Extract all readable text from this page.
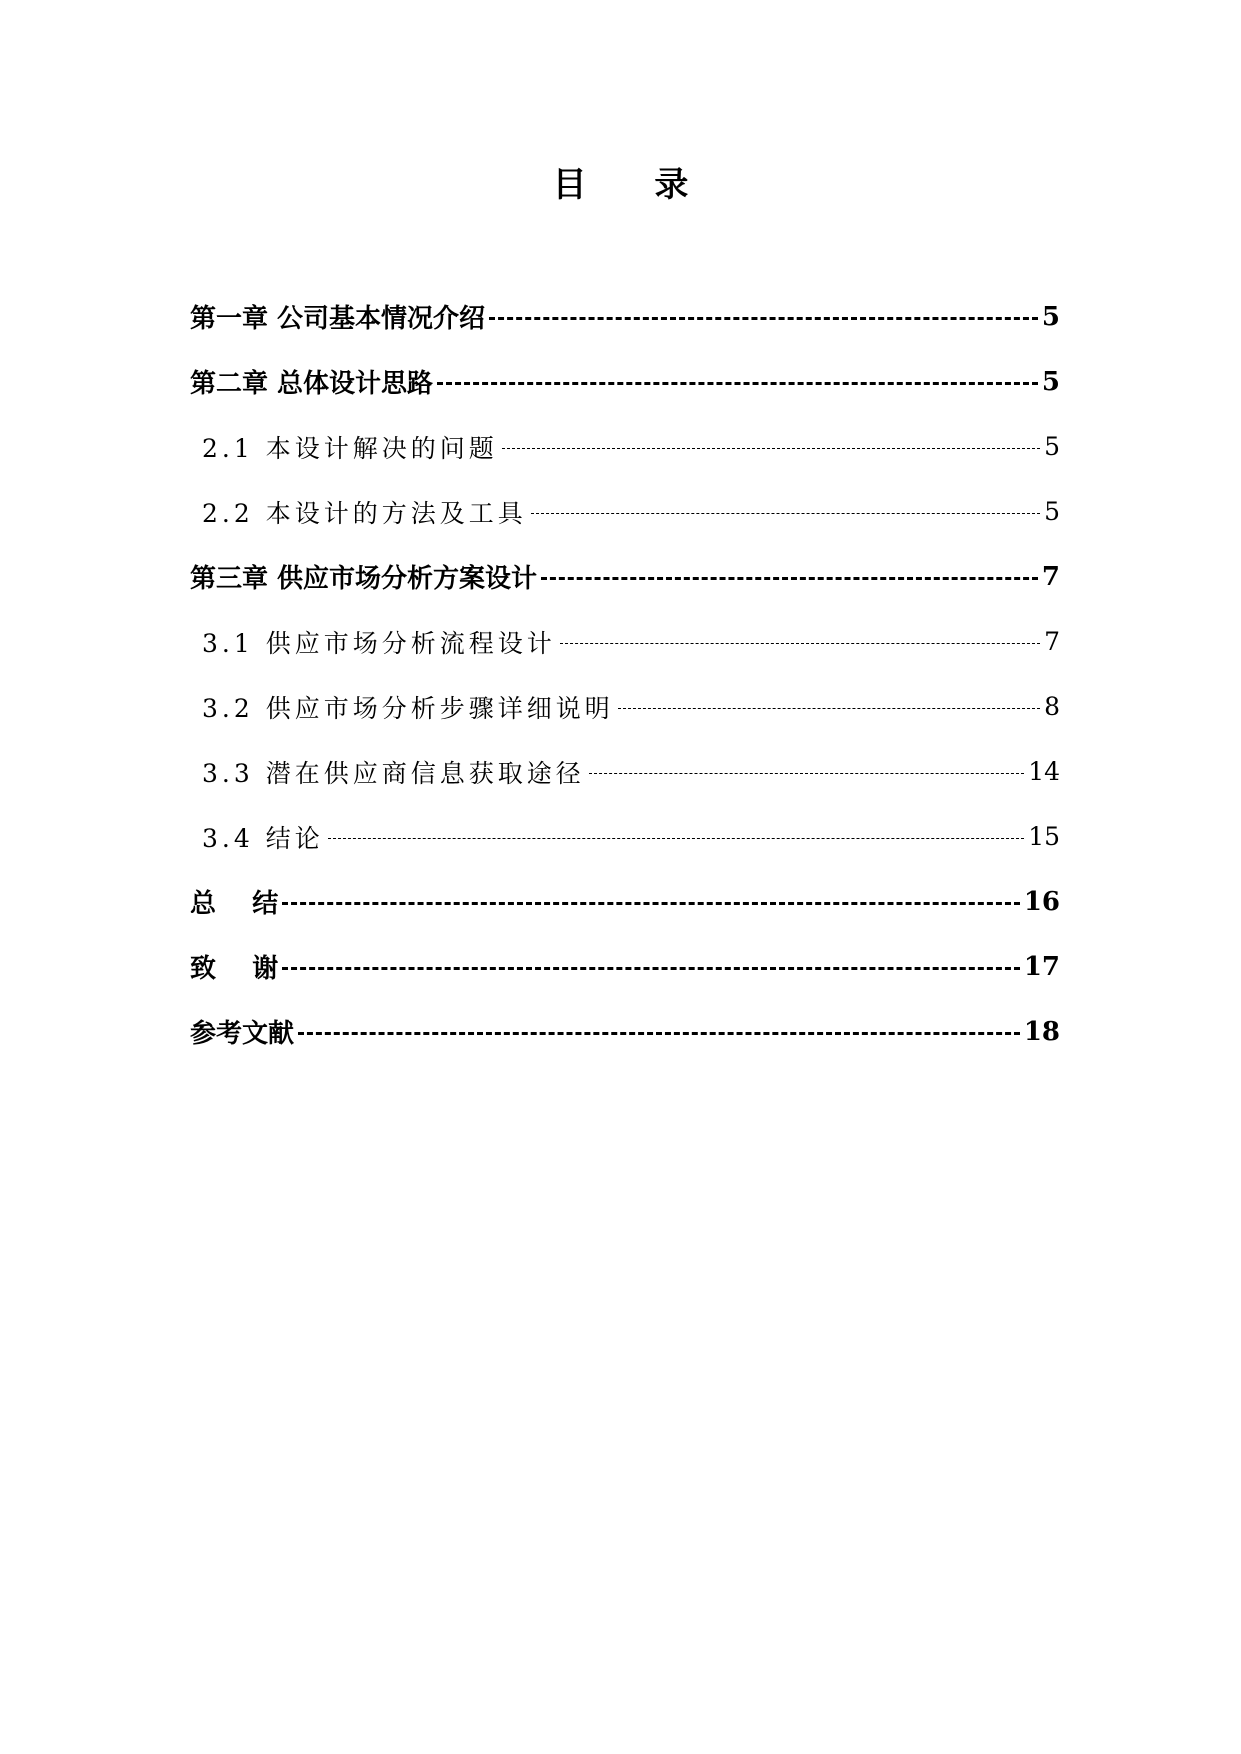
目 录
第一章 公司基本情况介绍	5
第二章 总体设计思路	5
2.1 本设计解决的问题	5
2.2 本设计的方法及工具	5
第三章 供应市场分析方案设计	7
3.1 供应市场分析流程设计	7
3.2 供应市场分析步骤详细说明	8
3.3 潜在供应商信息获取途径	14
3.4 结论	15
总    结	16
致    谢	17
参考文献	18
